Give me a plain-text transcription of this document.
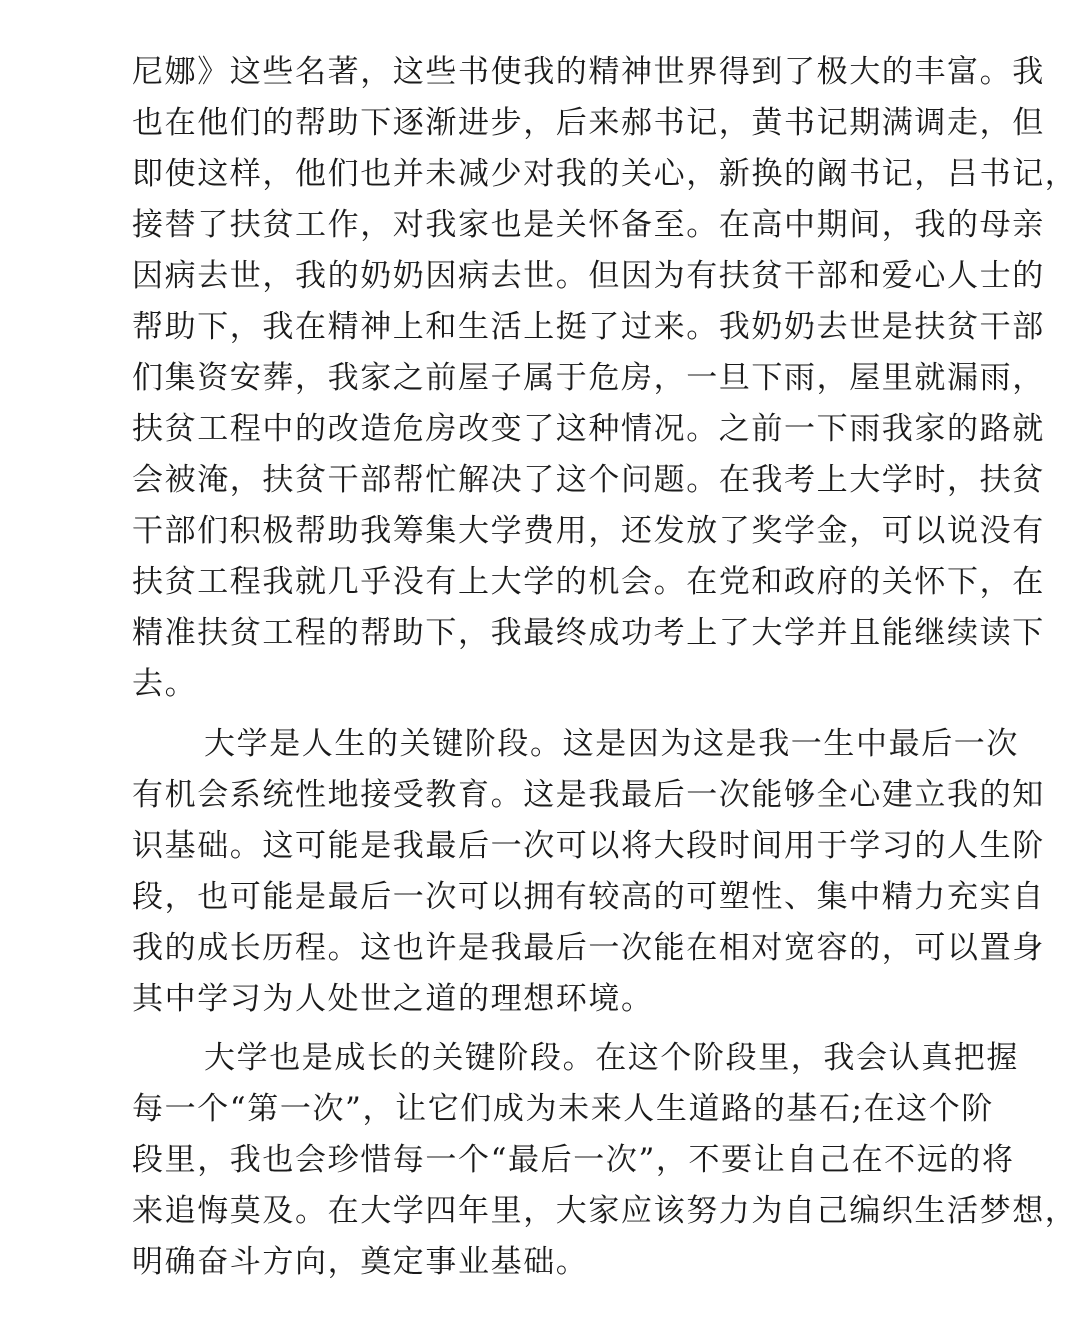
尼娜》这些名著，这些书使我的精神世界得到了极大的丰富。我
也在他们的帮助下逐渐进步，后来郝书记，黄书记期满调走，但
即使这样，他们也并未减少对我的关心，新换的阚书记，吕书记，
接替了扶贫工作，对我家也是关怀备至。在高中期间，我的母亲
因病去世，我的奶奶因病去世。但因为有扶贫干部和爱心人士的
帮助下，我在精神上和生活上挺了过来。我奶奶去世是扶贫干部
们集资安葬，我家之前屋子属于危房，一旦下雨，屋里就漏雨，
扶贫工程中的改造危房改变了这种情况。之前一下雨我家的路就
会被淹，扶贫干部帮忙解决了这个问题。在我考上大学时，扶贫
干部们积极帮助我筹集大学费用，还发放了奖学金，可以说没有
扶贫工程我就几乎没有上大学的机会。在党和政府的关怀下，在
精准扶贫工程的帮助下，我最终成功考上了大学并且能继续读下
去。
大学是人生的关键阶段。这是因为这是我一生中最后一次
有机会系统性地接受教育。这是我最后一次能够全心建立我的知
识基础。这可能是我最后一次可以将大段时间用于学习的人生阶
段，也可能是最后一次可以拥有较高的可塑性、集中精力充实自
我的成长历程。这也许是我最后一次能在相对宽容的，可以置身
其中学习为人处世之道的理想环境。
大学也是成长的关键阶段。在这个阶段里，我会认真把握
每一个“第一次”，让它们成为未来人生道路的基石;在这个阶
段里，我也会珍惜每一个“最后一次”，不要让自己在不远的将
来追悔莫及。在大学四年里，大家应该努力为自己编织生活梦想，
明确奋斗方向，奠定事业基础。
